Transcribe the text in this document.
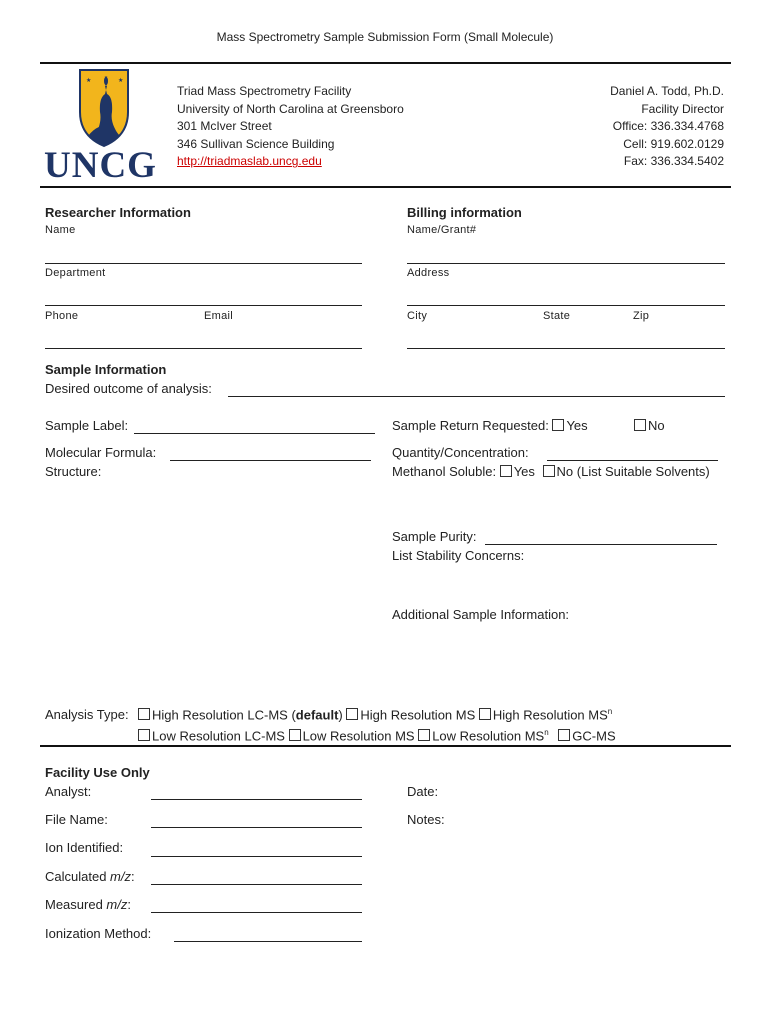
Mass Spectrometry Sample Submission Form (Small Molecule)
★	★
UNCG
Triad Mass Spectrometry Facility
University of North Carolina at Greensboro
301 McIver Street
346 Sullivan Science Building
http://triadmaslab.uncg.edu
Daniel A. Todd, Ph.D.
Facility Director
Office: 336.334.4768
Cell: 919.602.0129
Fax: 336.334.5402
Researcher Information
Name
Department
Phone	Email
Billing information
Name/Grant#
Address
City	State	Zip
Sample Information
Desired outcome of analysis:
Sample Label:	Sample Return Requested: Yes	No
Molecular Formula:
Structure:
Quantity/Concentration:
Methanol Soluble: Yes No (List Suitable Solvents)
Sample Purity:
List Stability Concerns:
Additional Sample Information:
Analysis Type:	High Resolution LC-MS (default) High Resolution MS High Resolution $MS^n$
Low Resolution LC-MS Low Resolution MS Low Resolution $MS^n$ GC-MS
Facility Use Only
Analyst:
File Name:
Ion Identified:
Calculated m/z:
Measured m/z:
Ionization Method:
Date:
Notes:
